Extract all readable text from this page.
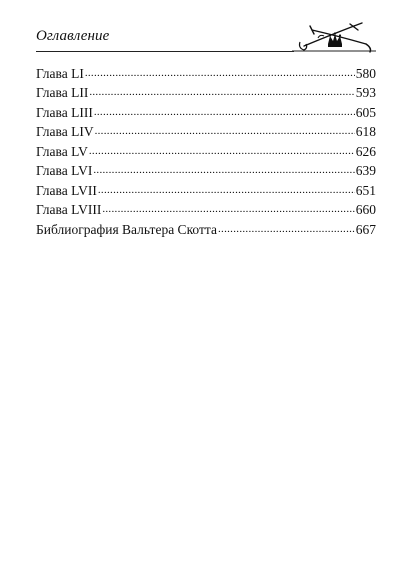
Оглавление
Глава LI .....	580
Глава LII .....	593
Глава LIII .....	605
Глава LIV .....	618
Глава LV .....	626
Глава LVI .....	639
Глава LVII .....	651
Глава LVIII .....	660
Библиография Вальтера Скотта .....	667
